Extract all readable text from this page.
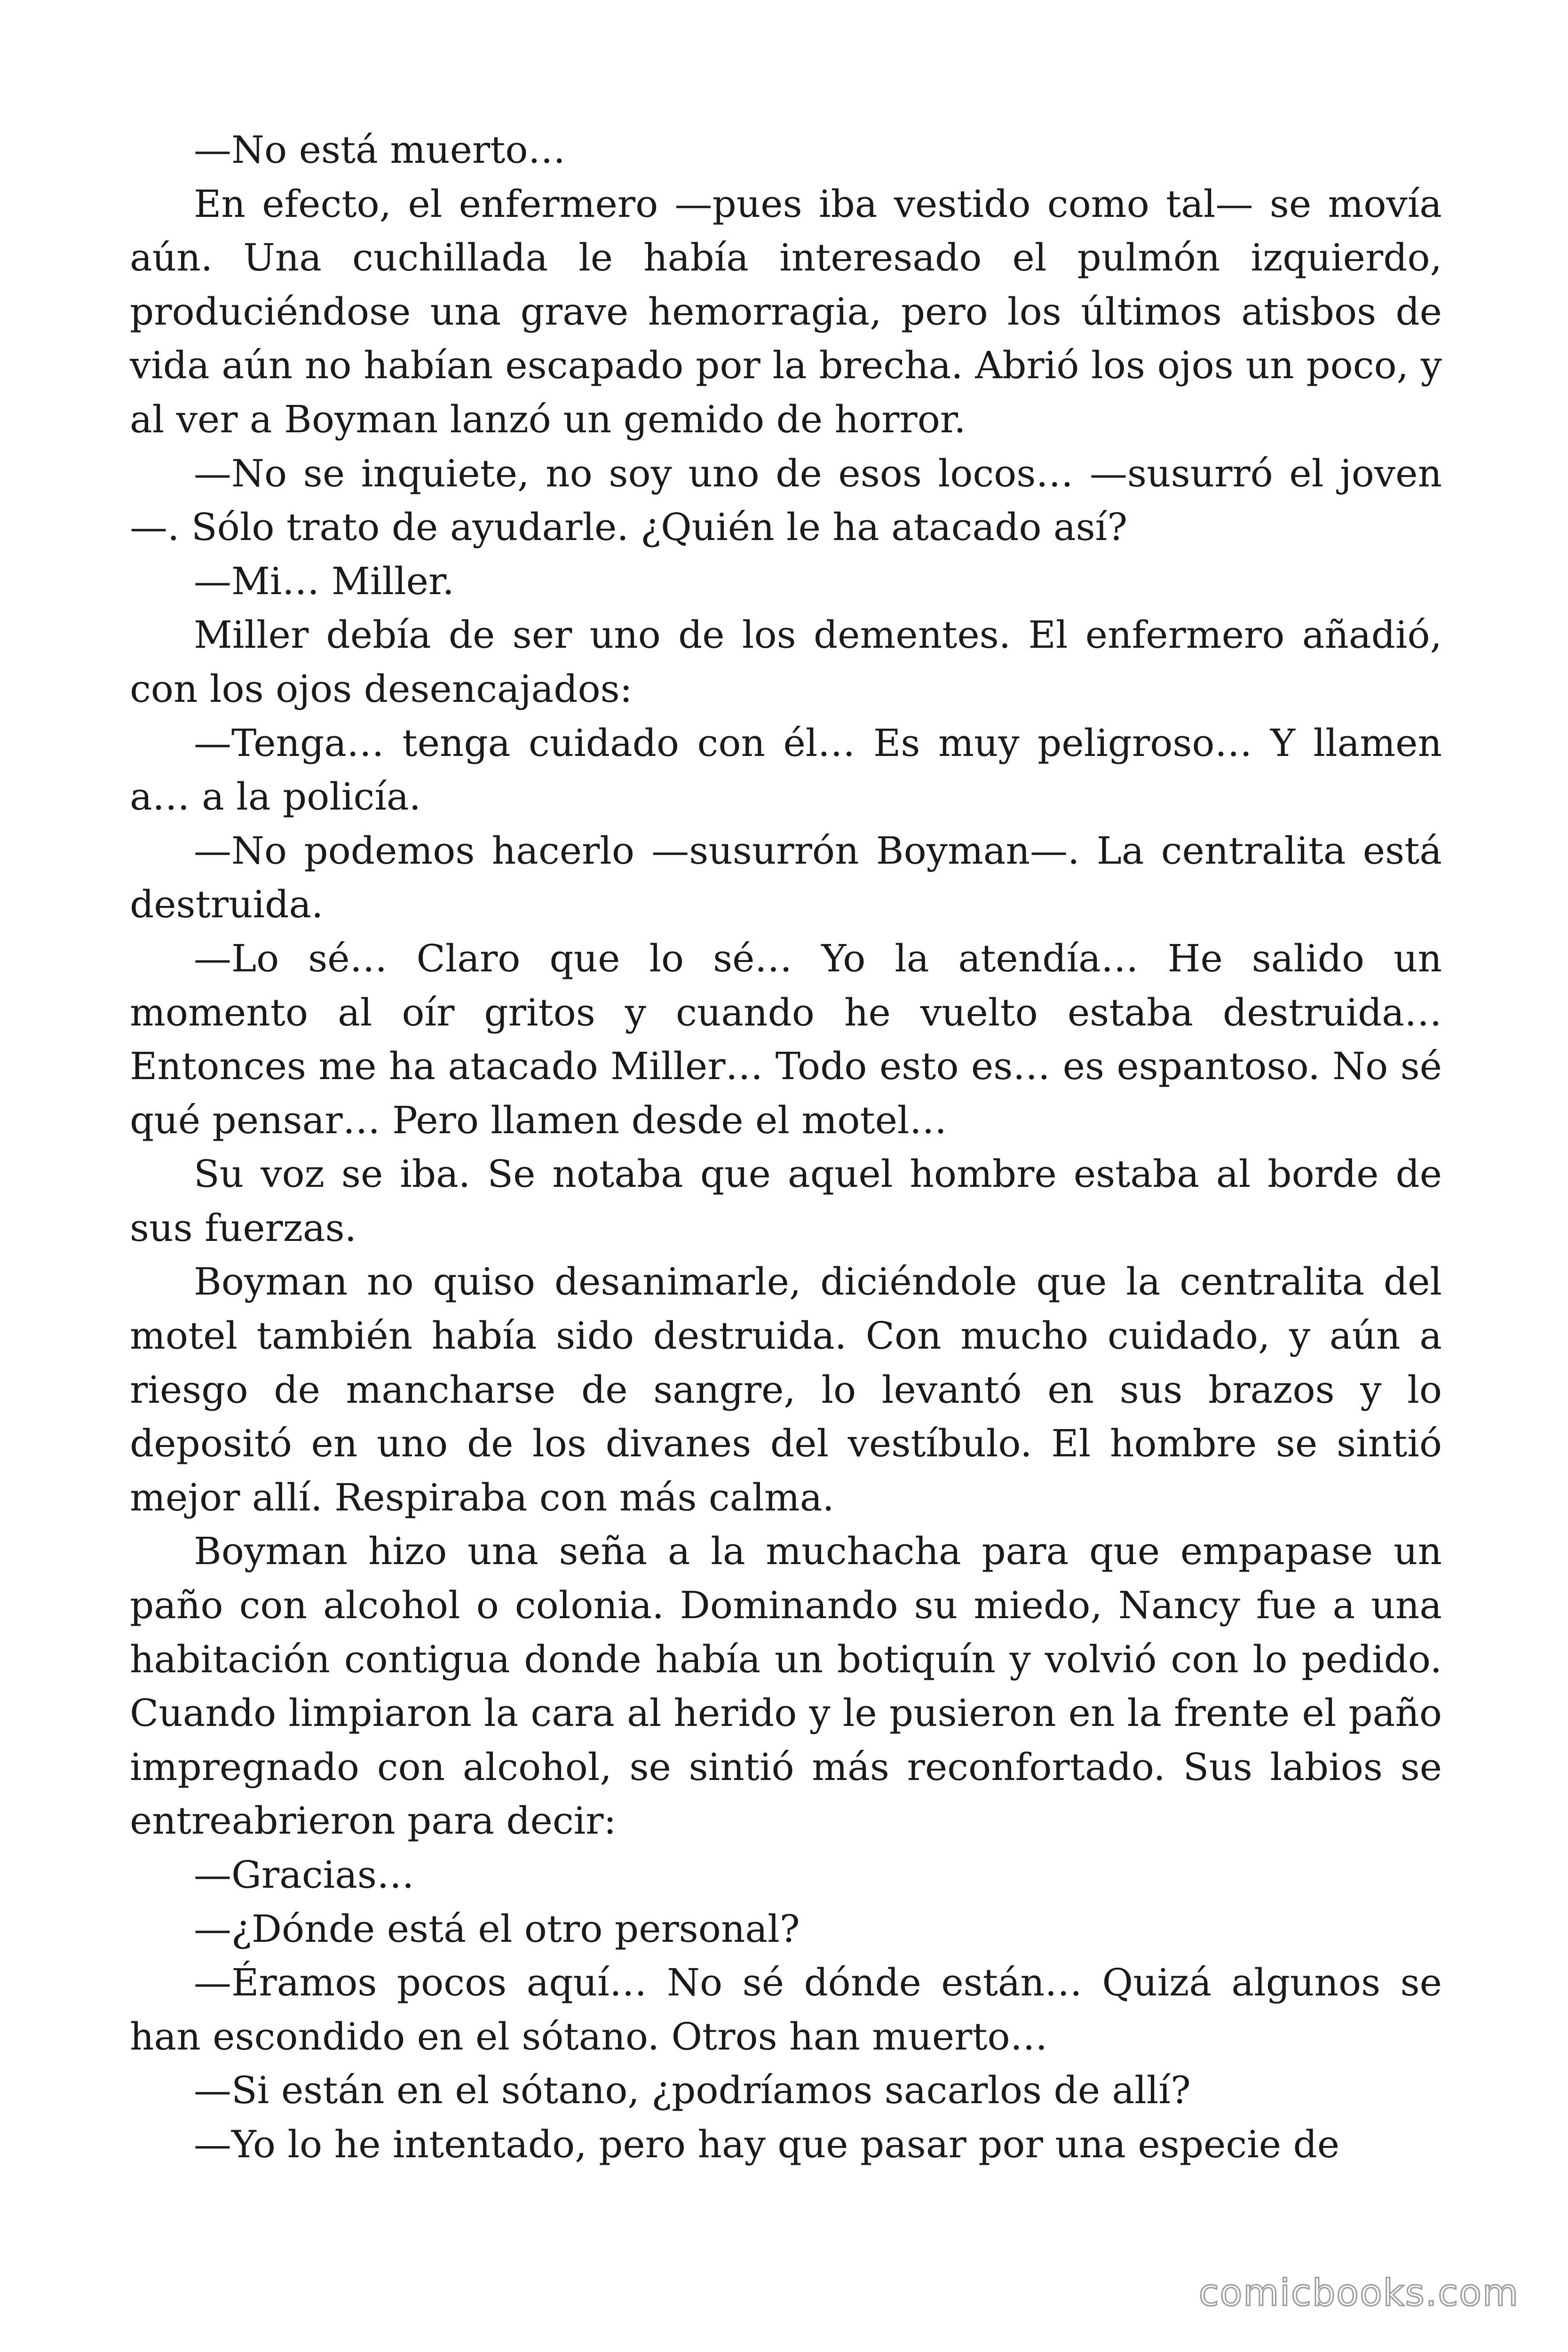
—No está muerto…

En efecto, el enfermero —pues iba vestido como tal— se movía aún. Una cuchillada le había interesado el pulmón izquierdo, produciéndose una grave hemorragia, pero los últimos atisbos de vida aún no habían escapado por la brecha. Abrió los ojos un poco, y al ver a Boyman lanzó un gemido de horror.

—No se inquiete, no soy uno de esos locos… —susurró el joven —. Sólo trato de ayudarle. ¿Quién le ha atacado así?

—Mi… Miller.

Miller debía de ser uno de los dementes. El enfermero añadió, con los ojos desencajados:

—Tenga… tenga cuidado con él… Es muy peligroso… Y llamen a… a la policía.

—No podemos hacerlo —susurrón Boyman—. La centralita está destruida.

—Lo sé… Claro que lo sé… Yo la atendía… He salido un momento al oír gritos y cuando he vuelto estaba destruida… Entonces me ha atacado Miller… Todo esto es… es espantoso. No sé qué pensar… Pero llamen desde el motel…

Su voz se iba. Se notaba que aquel hombre estaba al borde de sus fuerzas.

Boyman no quiso desanimarle, diciéndole que la centralita del motel también había sido destruida. Con mucho cuidado, y aún a riesgo de mancharse de sangre, lo levantó en sus brazos y lo depositó en uno de los divanes del vestíbulo. El hombre se sintió mejor allí. Respiraba con más calma.

Boyman hizo una seña a la muchacha para que empapase un paño con alcohol o colonia. Dominando su miedo, Nancy fue a una habitación contigua donde había un botiquín y volvió con lo pedido. Cuando limpiaron la cara al herido y le pusieron en la frente el paño impregnado con alcohol, se sintió más reconfortado. Sus labios se entreabrieron para decir:

—Gracias…

—¿Dónde está el otro personal?

—Éramos pocos aquí… No sé dónde están… Quizá algunos se han escondido en el sótano. Otros han muerto…

—Si están en el sótano, ¿podríamos sacarlos de allí?

—Yo lo he intentado, pero hay que pasar por una especie de

comicbooks.com
